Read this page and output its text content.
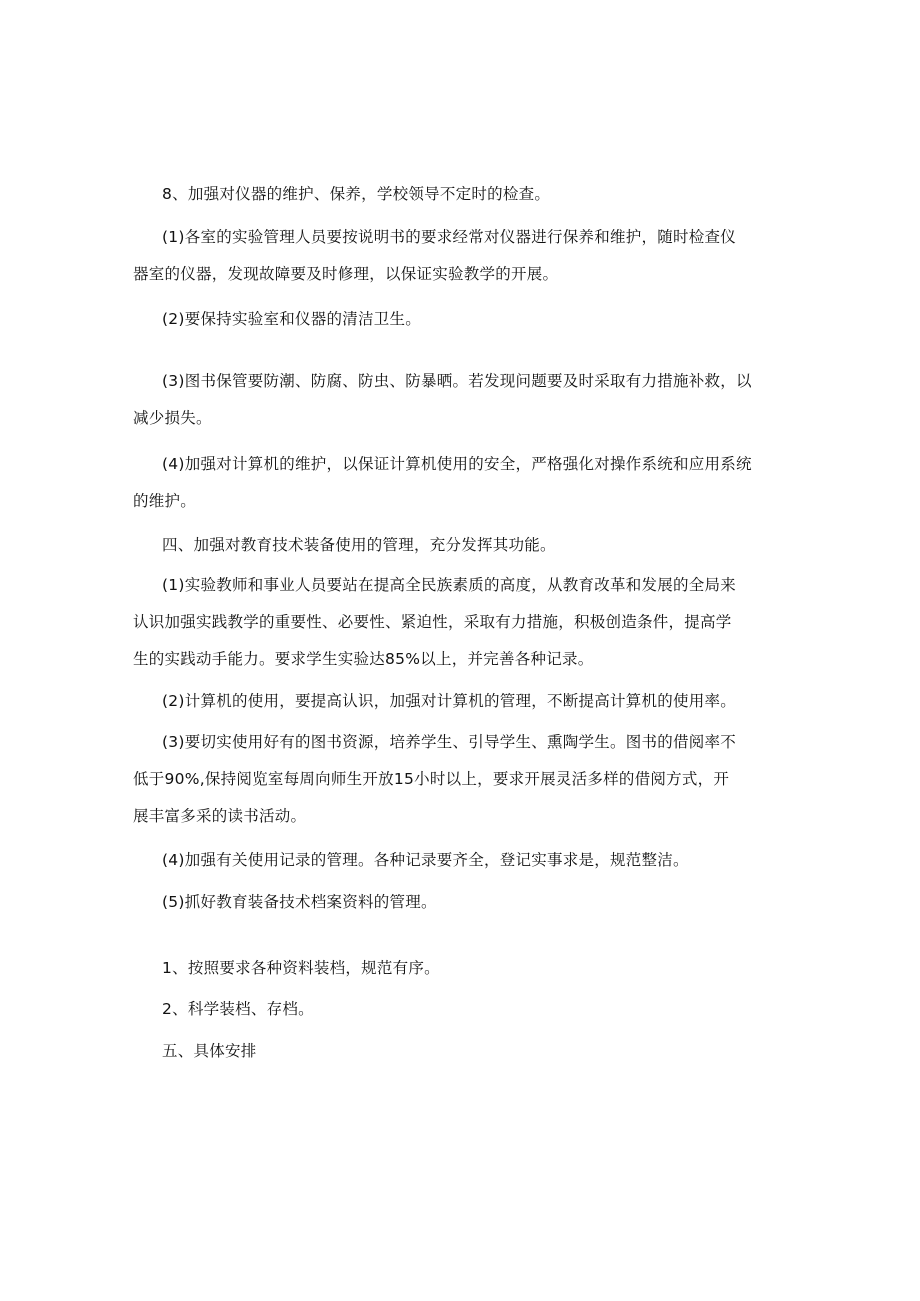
8、加强对仪器的维护、保养，学校领导不定时的检查。

(1)各室的实验管理人员要按说明书的要求经常对仪器进行保养和维护，随时检查仪
器室的仪器，发现故障要及时修理，以保证实验教学的开展。

(2)要保持实验室和仪器的清洁卫生。

(3)图书保管要防潮、防腐、防虫、防暴晒。若发现问题要及时采取有力措施补救，以
减少损失。

(4)加强对计算机的维护，以保证计算机使用的安全，严格强化对操作系统和应用系统
的维护。

四、加强对教育技术装备使用的管理，充分发挥其功能。

(1)实验教师和事业人员要站在提高全民族素质的高度，从教育改革和发展的全局来
认识加强实践教学的重要性、必要性、紧迫性，采取有力措施，积极创造条件，提高学
生的实践动手能力。要求学生实验达85%以上，并完善各种记录。

(2)计算机的使用，要提高认识，加强对计算机的管理，不断提高计算机的使用率。

(3)要切实使用好有的图书资源，培养学生、引导学生、熏陶学生。图书的借阅率不
低于90%,保持阅览室每周向师生开放15小时以上，要求开展灵活多样的借阅方式，开
展丰富多采的读书活动。

(4)加强有关使用记录的管理。各种记录要齐全，登记实事求是，规范整洁。

(5)抓好教育装备技术档案资料的管理。

1、按照要求各种资料装档，规范有序。

2、科学装档、存档。

五、具体安排
